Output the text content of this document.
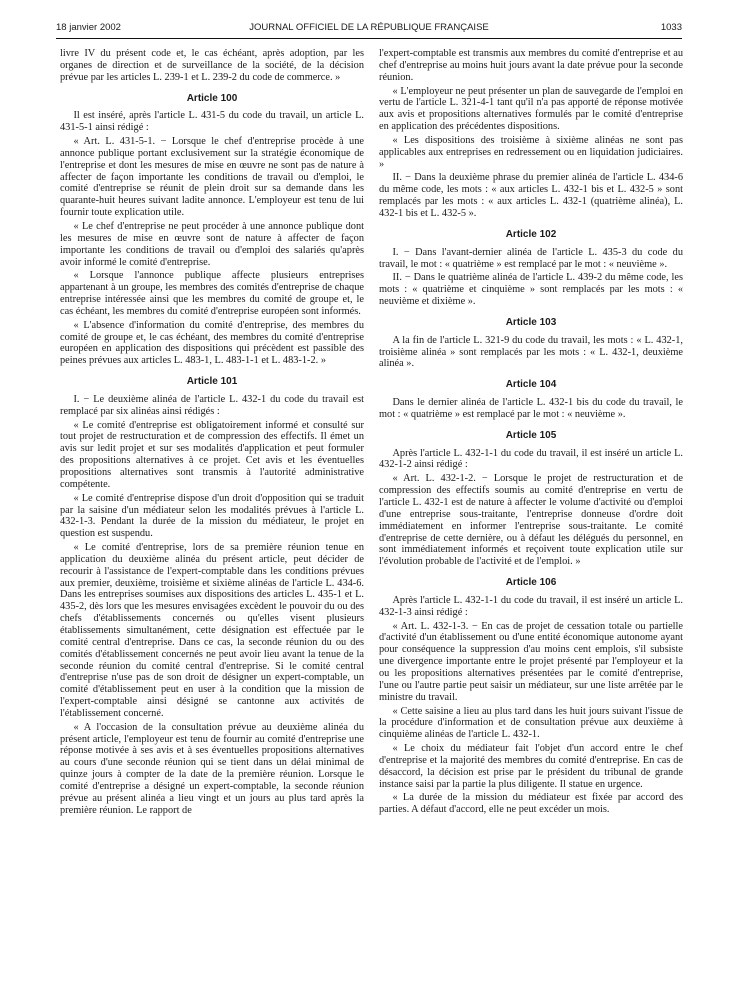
18 janvier 2002	JOURNAL OFFICIEL DE LA RÉPUBLIQUE FRANÇAISE	1033

livre IV du présent code et, le cas échéant, après adoption, par les organes de direction et de surveillance de la société, de la décision prévue par les articles L. 239-1 et L. 239-2 du code de commerce. »

Article 100

Il est inséré, après l'article L. 431-5 du code du travail, un article L. 431-5-1 ainsi rédigé :

« Art. L. 431-5-1. − Lorsque le chef d'entreprise procède à une annonce publique portant exclusivement sur la stratégie économique de l'entreprise et dont les mesures de mise en œuvre ne sont pas de nature à affecter de façon importante les conditions de travail ou d'emploi, le comité d'entreprise se réunit de plein droit sur sa demande dans les quarante-huit heures suivant ladite annonce. L'employeur est tenu de lui fournir toute explication utile.

« Le chef d'entreprise ne peut procéder à une annonce publique dont les mesures de mise en œuvre sont de nature à affecter de façon importante les conditions de travail ou d'emploi des salariés qu'après avoir informé le comité d'entreprise.

« Lorsque l'annonce publique affecte plusieurs entreprises appartenant à un groupe, les membres des comités d'entreprise de chaque entreprise intéressée ainsi que les membres du comité de groupe et, le cas échéant, les membres du comité d'entreprise européen sont informés.

« L'absence d'information du comité d'entreprise, des membres du comité de groupe et, le cas échéant, des membres du comité d'entreprise européen en application des dispositions qui précèdent est passible des peines prévues aux articles L. 483-1, L. 483-1-1 et L. 483-1-2. »

Article 101

I. − Le deuxième alinéa de l'article L. 432-1 du code du travail est remplacé par six alinéas ainsi rédigés :

« Le comité d'entreprise est obligatoirement informé et consulté sur tout projet de restructuration et de compression des effectifs. Il émet un avis sur ledit projet et sur ses modalités d'application et peut formuler des propositions alternatives à ce projet. Cet avis et les éventuelles propositions alternatives sont transmis à l'autorité administrative compétente.

« Le comité d'entreprise dispose d'un droit d'opposition qui se traduit par la saisine d'un médiateur selon les modalités prévues à l'article L. 432-1-3. Pendant la durée de la mission du médiateur, le projet en question est suspendu.

« Le comité d'entreprise, lors de sa première réunion tenue en application du deuxième alinéa du présent article, peut décider de recourir à l'assistance de l'expert-comptable dans les conditions prévues aux premier, deuxième, troisième et sixième alinéas de l'article L. 434-6. Dans les entreprises soumises aux dispositions des articles L. 435-1 et L. 435-2, dès lors que les mesures envisagées excèdent le pouvoir du ou des chefs d'établissements concernés ou qu'elles visent plusieurs établissements simultanément, cette désignation est effectuée par le comité central d'entreprise. Dans ce cas, la seconde réunion du ou des comités d'établissement concernés ne peut avoir lieu avant la tenue de la seconde réunion du comité central d'entreprise. Si le comité central d'entreprise n'use pas de son droit de désigner un expert-comptable, un comité d'établissement peut en user à la condition que la mission de l'expert-comptable ainsi désigné se cantonne aux activités de l'établissement concerné.

« A l'occasion de la consultation prévue au deuxième alinéa du présent article, l'employeur est tenu de fournir au comité d'entreprise une réponse motivée à ses avis et à ses éventuelles propositions alternatives au cours d'une seconde réunion qui se tient dans un délai minimal de quinze jours à compter de la date de la première réunion. Lorsque le comité d'entreprise a désigné un expert-comptable, la seconde réunion prévue au présent alinéa a lieu vingt et un jours au plus tard après la première réunion. Le rapport de

l'expert-comptable est transmis aux membres du comité d'entreprise et au chef d'entreprise au moins huit jours avant la date prévue pour la seconde réunion.

« L'employeur ne peut présenter un plan de sauvegarde de l'emploi en vertu de l'article L. 321-4-1 tant qu'il n'a pas apporté de réponse motivée aux avis et propositions alternatives formulés par le comité d'entreprise en application des précédentes dispositions.

« Les dispositions des troisième à sixième alinéas ne sont pas applicables aux entreprises en redressement ou en liquidation judiciaires. »

II. − Dans la deuxième phrase du premier alinéa de l'article L. 434-6 du même code, les mots : « aux articles L. 432-1 bis et L. 432-5 » sont remplacés par les mots : « aux articles L. 432-1 (quatrième alinéa), L. 432-1 bis et L. 432-5 ».

Article 102

I. − Dans l'avant-dernier alinéa de l'article L. 435-3 du code du travail, le mot : « quatrième » est remplacé par le mot : « neuvième ».

II. − Dans le quatrième alinéa de l'article L. 439-2 du même code, les mots : « quatrième et cinquième » sont remplacés par les mots : « neuvième et dixième ».

Article 103

A la fin de l'article L. 321-9 du code du travail, les mots : « L. 432-1, troisième alinéa » sont remplacés par les mots : « L. 432-1, deuxième alinéa ».

Article 104

Dans le dernier alinéa de l'article L. 432-1 bis du code du travail, le mot : « quatrième » est remplacé par le mot : « neuvième ».

Article 105

Après l'article L. 432-1-1 du code du travail, il est inséré un article L. 432-1-2 ainsi rédigé :

« Art. L. 432-1-2. − Lorsque le projet de restructuration et de compression des effectifs soumis au comité d'entreprise en vertu de l'article L. 432-1 est de nature à affecter le volume d'activité ou d'emploi d'une entreprise sous-traitante, l'entreprise donneuse d'ordre doit immédiatement en informer l'entreprise sous-traitante. Le comité d'entreprise de cette dernière, ou à défaut les délégués du personnel, en sont immédiatement informés et reçoivent toute explication utile sur l'évolution probable de l'activité et de l'emploi. »

Article 106

Après l'article L. 432-1-1 du code du travail, il est inséré un article L. 432-1-3 ainsi rédigé :

« Art. L. 432-1-3. − En cas de projet de cessation totale ou partielle d'activité d'un établissement ou d'une entité économique autonome ayant pour conséquence la suppression d'au moins cent emplois, s'il subsiste une divergence importante entre le projet présenté par l'employeur et la ou les propositions alternatives présentées par le comité d'entreprise, l'une ou l'autre partie peut saisir un médiateur, sur une liste arrêtée par le ministre du travail.

« Cette saisine a lieu au plus tard dans les huit jours suivant l'issue de la procédure d'information et de consultation prévue aux deuxième à cinquième alinéas de l'article L. 432-1.

« Le choix du médiateur fait l'objet d'un accord entre le chef d'entreprise et la majorité des membres du comité d'entreprise. En cas de désaccord, la décision est prise par le président du tribunal de grande instance saisi par la partie la plus diligente. Il statue en urgence.

« La durée de la mission du médiateur est fixée par accord des parties. A défaut d'accord, elle ne peut excéder un mois.
